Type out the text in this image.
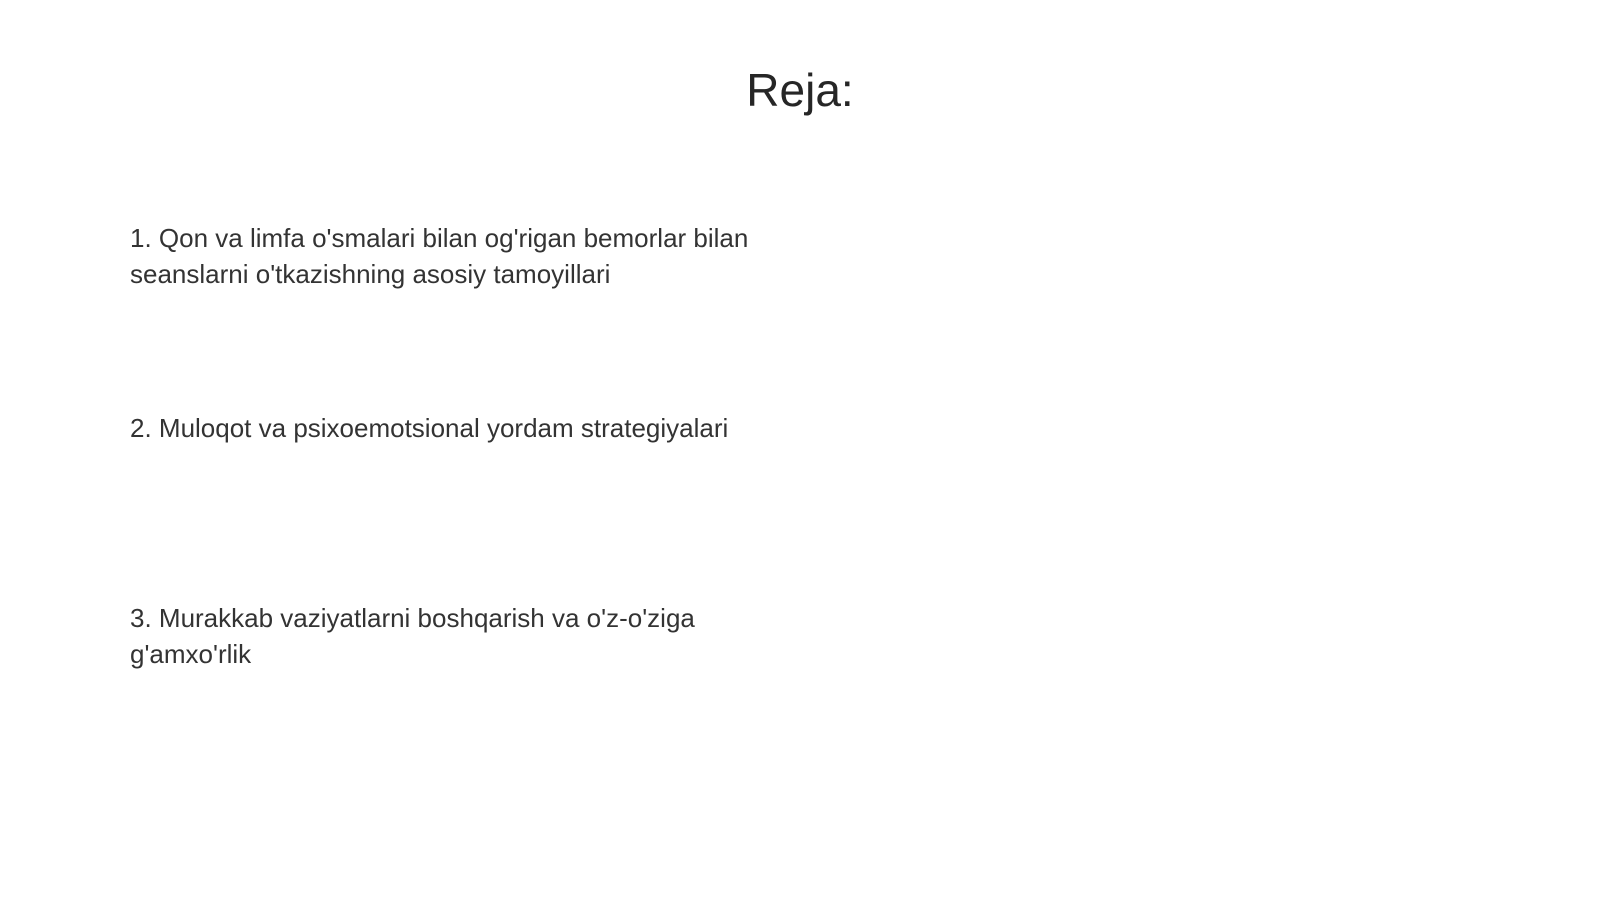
Reja:

1. Qon va limfa o'smalari bilan og'rigan bemorlar bilan seanslarni o'tkazishning asosiy tamoyillari

2. Muloqot va psixoemotsional yordam strategiyalari

3. Murakkab vaziyatlarni boshqarish va o'z-o'ziga g'amxo'rlik
